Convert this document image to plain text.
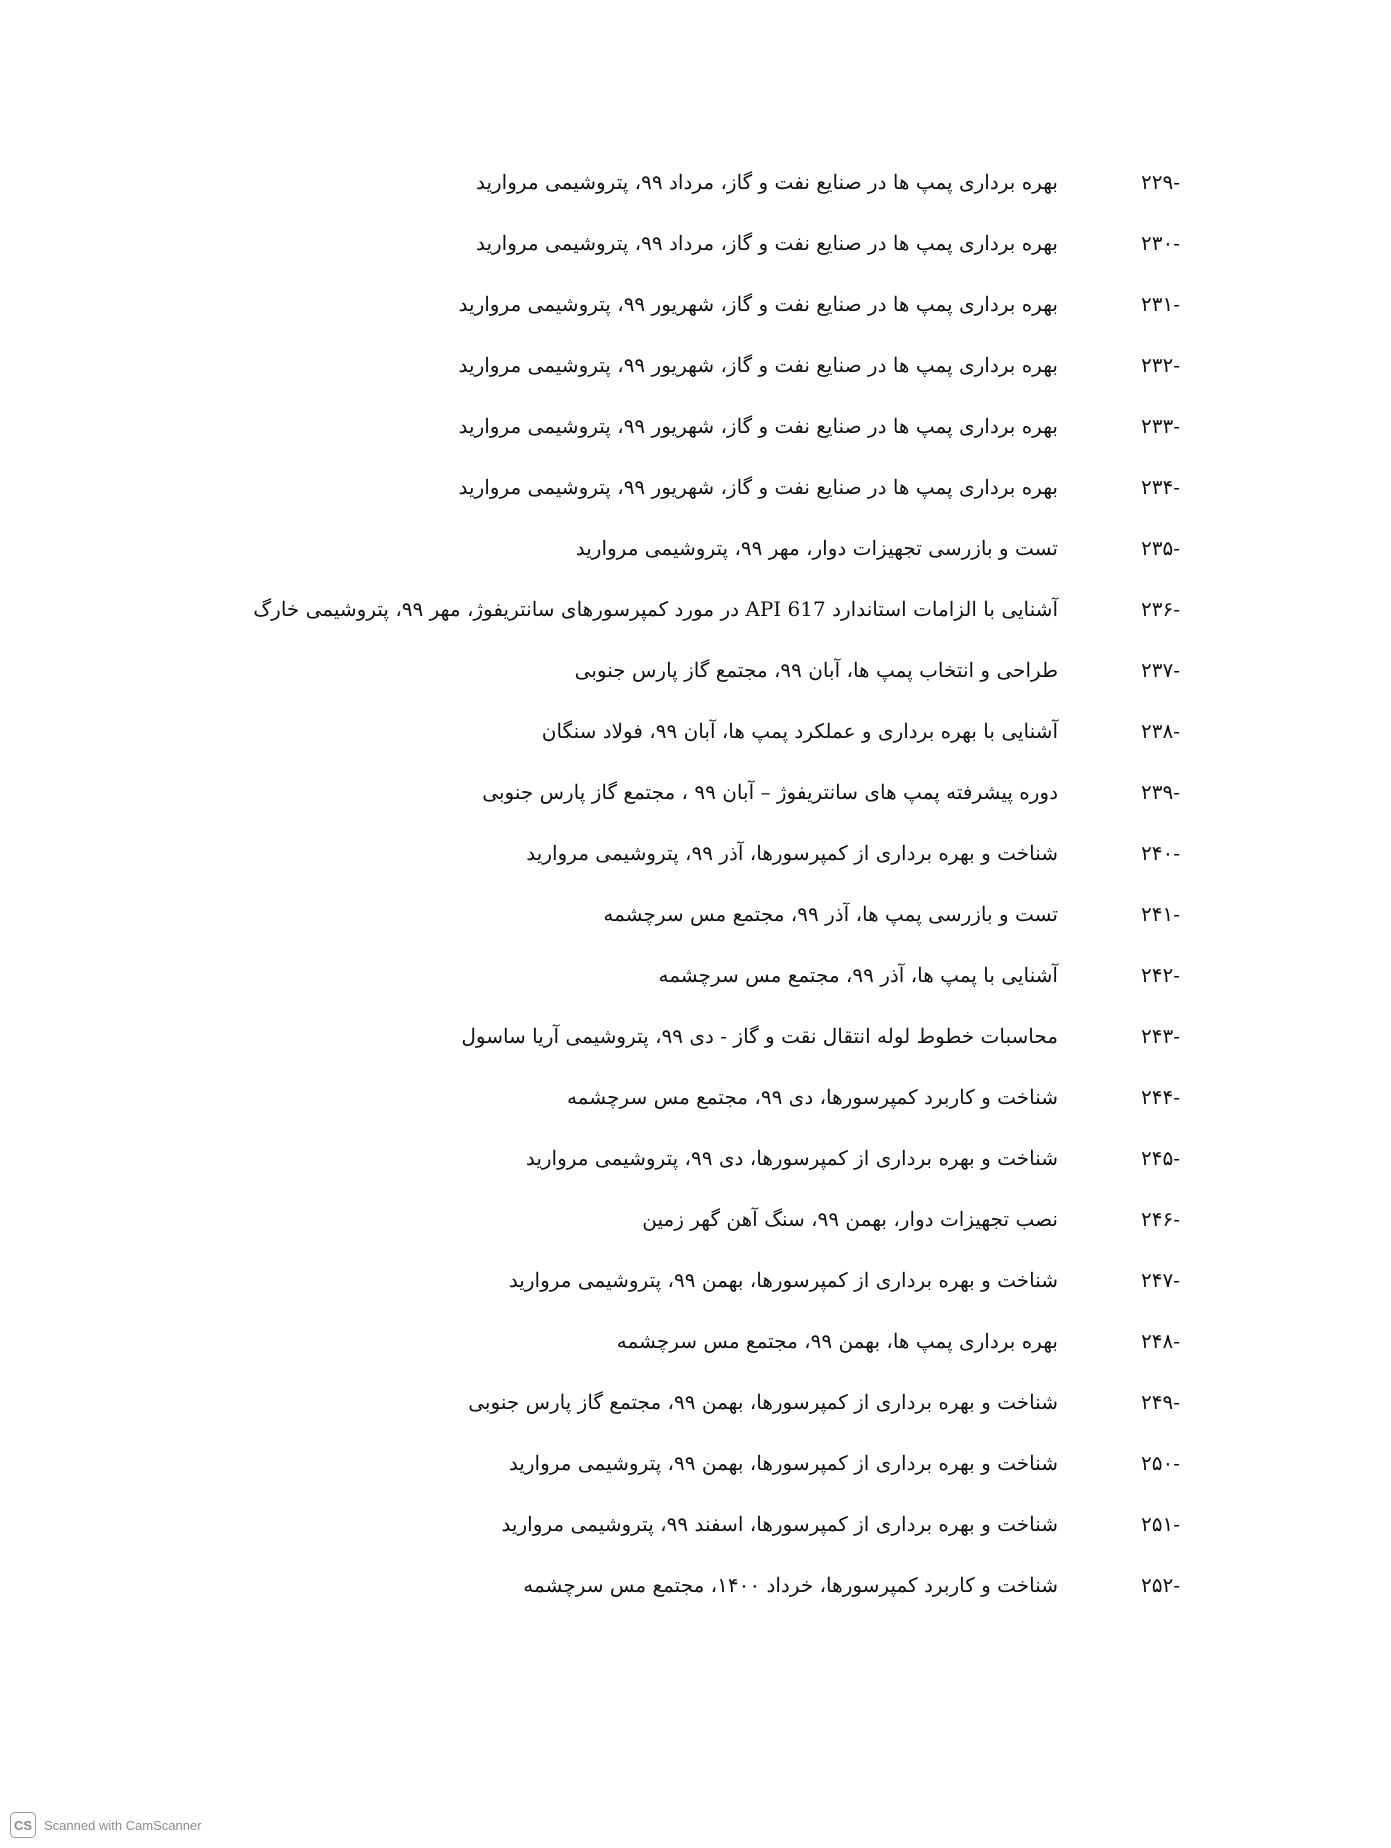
-۲۲۹
بهره برداری پمپ ها در صنایع نفت و گاز، مرداد ۹۹، پتروشیمی مروارید
-۲۳۰
بهره برداری پمپ ها در صنایع نفت و گاز، مرداد ۹۹، پتروشیمی مروارید
-۲۳۱
بهره برداری پمپ ها در صنایع نفت و گاز، شهریور ۹۹، پتروشیمی مروارید
-۲۳۲
بهره برداری پمپ ها در صنایع نفت و گاز، شهریور ۹۹، پتروشیمی مروارید
-۲۳۳
بهره برداری پمپ ها در صنایع نفت و گاز، شهریور ۹۹، پتروشیمی مروارید
-۲۳۴
بهره برداری پمپ ها در صنایع نفت و گاز، شهریور ۹۹، پتروشیمی مروارید
-۲۳۵
تست و بازرسی تجهیزات دوار، مهر ۹۹، پتروشیمی مروارید
-۲۳۶
آشنایی با الزامات استاندارد API 617 در مورد کمپرسورهای سانتریفوژ، مهر ۹۹، پتروشیمی خارگ
-۲۳۷
طراحی و انتخاب پمپ ها، آبان ۹۹، مجتمع گاز پارس جنوبی
-۲۳۸
آشنایی با بهره برداری و عملکرد پمپ ها، آبان ۹۹، فولاد سنگان
-۲۳۹
دوره پیشرفته پمپ های سانتریفوژ – آبان ۹۹ ، مجتمع گاز پارس جنوبی
-۲۴۰
شناخت و بهره برداری از کمپرسورها، آذر ۹۹، پتروشیمی مروارید
-۲۴۱
تست و بازرسی پمپ ها، آذر ۹۹، مجتمع مس سرچشمه
-۲۴۲
آشنایی با پمپ ها، آذر ۹۹، مجتمع مس سرچشمه
-۲۴۳
محاسبات خطوط لوله انتقال نقت و گاز - دی ۹۹، پتروشیمی آریا ساسول
-۲۴۴
شناخت و کاربرد کمپرسورها، دی ۹۹، مجتمع مس سرچشمه
-۲۴۵
شناخت و بهره برداری از کمپرسورها، دی ۹۹، پتروشیمی مروارید
-۲۴۶
نصب تجهیزات دوار، بهمن ۹۹، سنگ آهن گهر زمین
-۲۴۷
شناخت و بهره برداری از کمپرسورها، بهمن ۹۹، پتروشیمی مروارید
-۲۴۸
بهره برداری پمپ ها، بهمن ۹۹، مجتمع مس سرچشمه
-۲۴۹
شناخت و بهره برداری از کمپرسورها، بهمن ۹۹، مجتمع گاز پارس جنوبی
-۲۵۰
شناخت و بهره برداری از کمپرسورها، بهمن ۹۹، پتروشیمی مروارید
-۲۵۱
شناخت و بهره برداری از کمپرسورها، اسفند ۹۹، پتروشیمی مروارید
-۲۵۲
شناخت و کاربرد کمپرسورها، خرداد ۱۴۰۰، مجتمع مس سرچشمه
CS Scanned with CamScanner
